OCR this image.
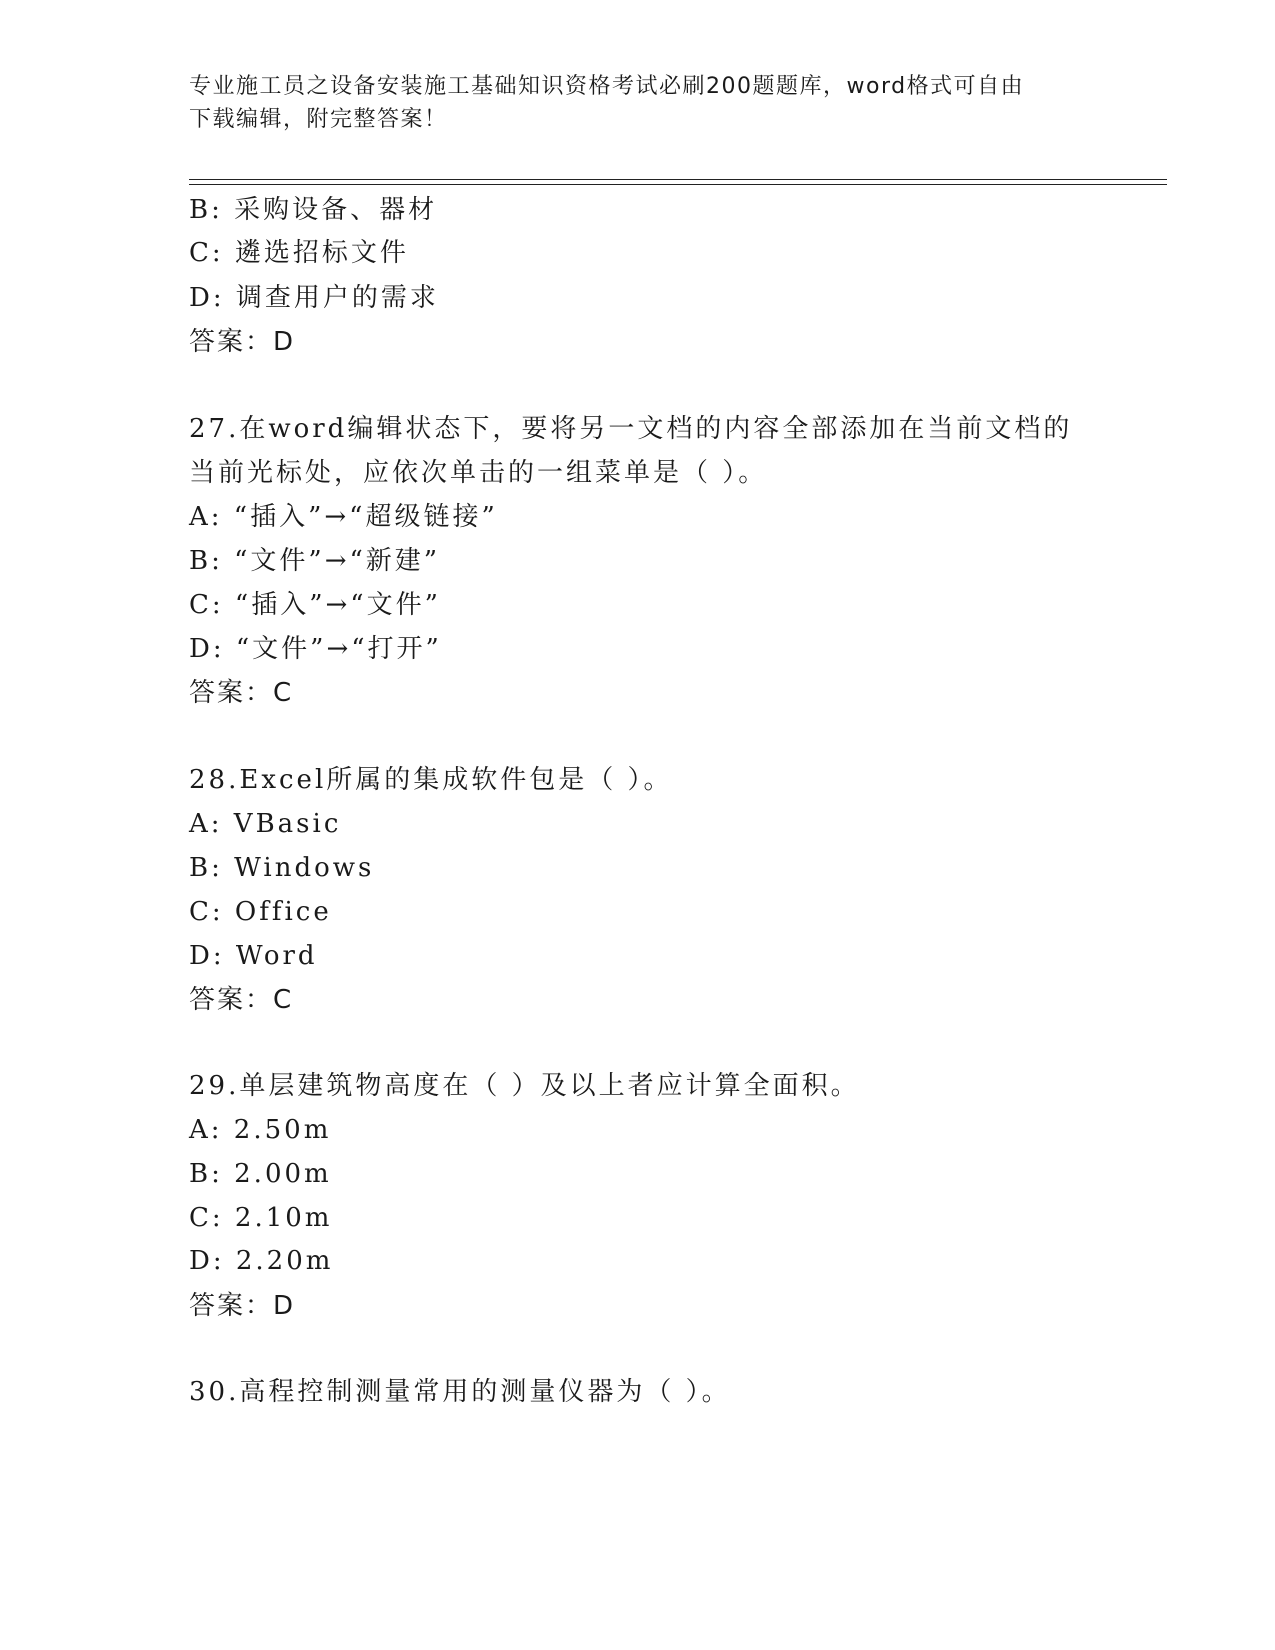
专业施工员之设备安装施工基础知识资格考试必刷200题题库，word格式可自由
下载编辑，附完整答案！
B: 采购设备、器材
C: 遴选招标文件
D: 调查用户的需求
答案：D
27.在word编辑状态下，要将另一文档的内容全部添加在当前文档的
当前光标处，应依次单击的一组菜单是（ ）。
A: “插入”→“超级链接”
B: “文件”→“新建”
C: “插入”→“文件”
D: “文件”→“打开”
答案：C
28.Excel所属的集成软件包是（ ）。
A: VBasic
B: Windows
C: Office
D: Word
答案：C
29.单层建筑物高度在（ ）及以上者应计算全面积。
A: 2.50m
B: 2.00m
C: 2.10m
D: 2.20m
答案：D
30.高程控制测量常用的测量仪器为（ ）。
